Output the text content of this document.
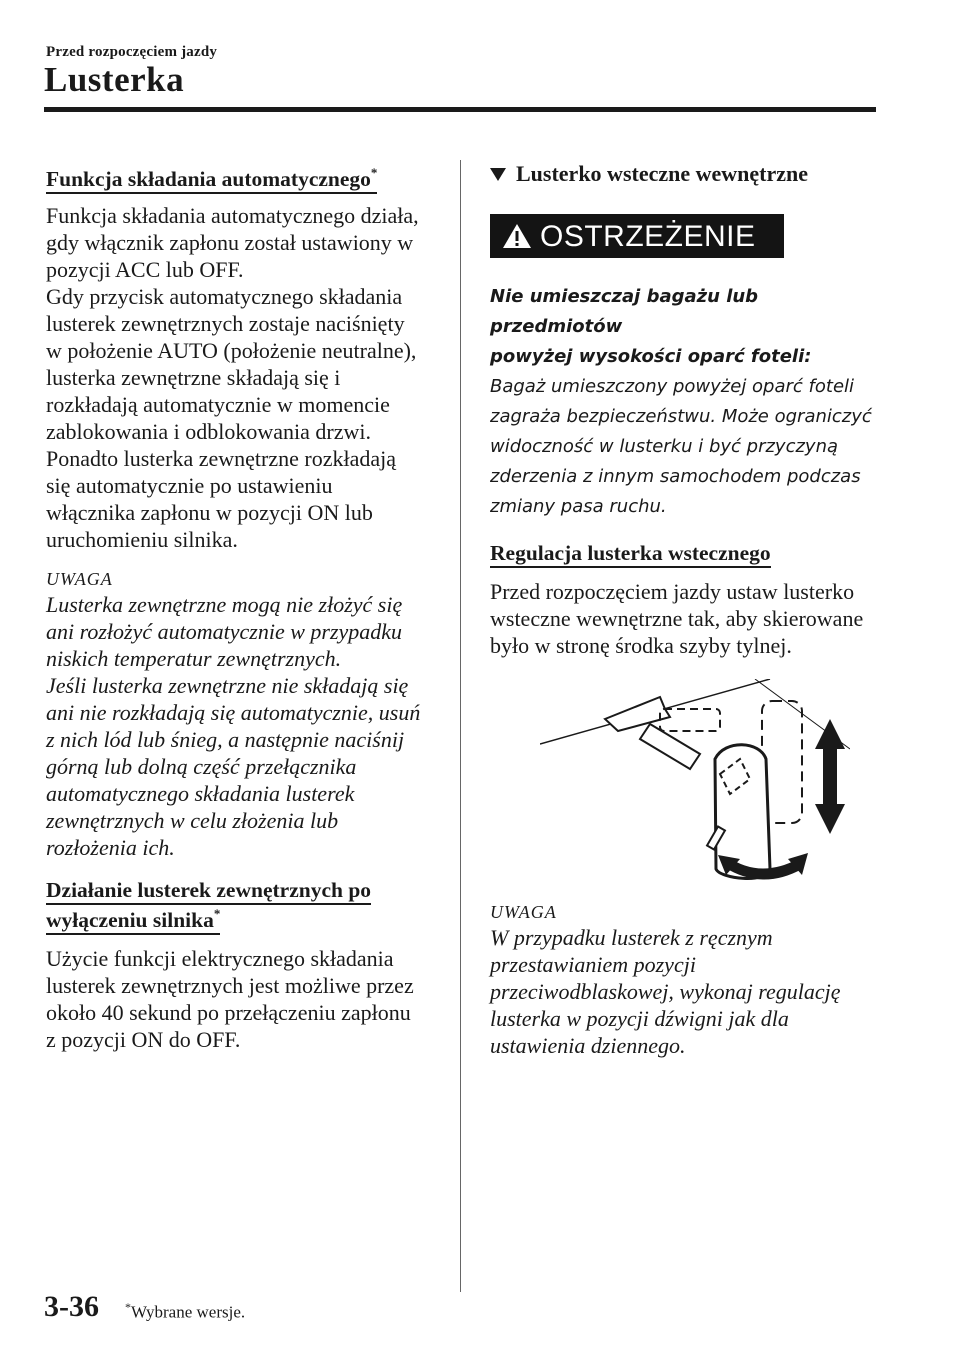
Przed rozpoczęciem jazdy
Lusterka
Funkcja składania automatycznego*
Funkcja składania automatycznego działa,
gdy włącznik zapłonu został ustawiony w
pozycji ACC lub OFF.
Gdy przycisk automatycznego składania
lusterek zewnętrznych zostaje naciśnięty
w położenie AUTO (położenie neutralne),
lusterka zewnętrzne składają się i
rozkładają automatycznie w momencie
zablokowania i odblokowania drzwi.
Ponadto lusterka zewnętrzne rozkładają
się automatycznie po ustawieniu
włącznika zapłonu w pozycji ON lub
uruchomieniu silnika.
UWAGA
Lusterka zewnętrzne mogą nie złożyć się
ani rozłożyć automatycznie w przypadku
niskich temperatur zewnętrznych.
Jeśli lusterka zewnętrzne nie składają się
ani nie rozkładają się automatycznie, usuń
z nich lód lub śnieg, a następnie naciśnij
górną lub dolną część przełącznika
automatycznego składania lusterek
zewnętrznych w celu złożenia lub
rozłożenia ich.
Działanie lusterek zewnętrznych po
wyłączeniu silnika*
Użycie funkcji elektrycznego składania
lusterek zewnętrznych jest możliwe przez
około 40 sekund po przełączeniu zapłonu
z pozycji ON do OFF.
Lusterko wsteczne wewnętrzne
OSTRZEŻENIE
Nie umieszczaj bagażu lub przedmiotów
powyżej wysokości oparć foteli:
Bagaż umieszczony powyżej oparć foteli
zagraża bezpieczeństwu. Może ograniczyć
widoczność w lusterku i być przyczyną
zderzenia z innym samochodem podczas
zmiany pasa ruchu.
Regulacja lusterka wstecznego
Przed rozpoczęciem jazdy ustaw lusterko
wsteczne wewnętrzne tak, aby skierowane
było w stronę środka szyby tylnej.
UWAGA
W przypadku lusterek z ręcznym
przestawianiem pozycji
przeciwodblaskowej, wykonaj regulację
lusterka w pozycji dźwigni jak dla
ustawienia dziennego.
3-36 *Wybrane wersje.
